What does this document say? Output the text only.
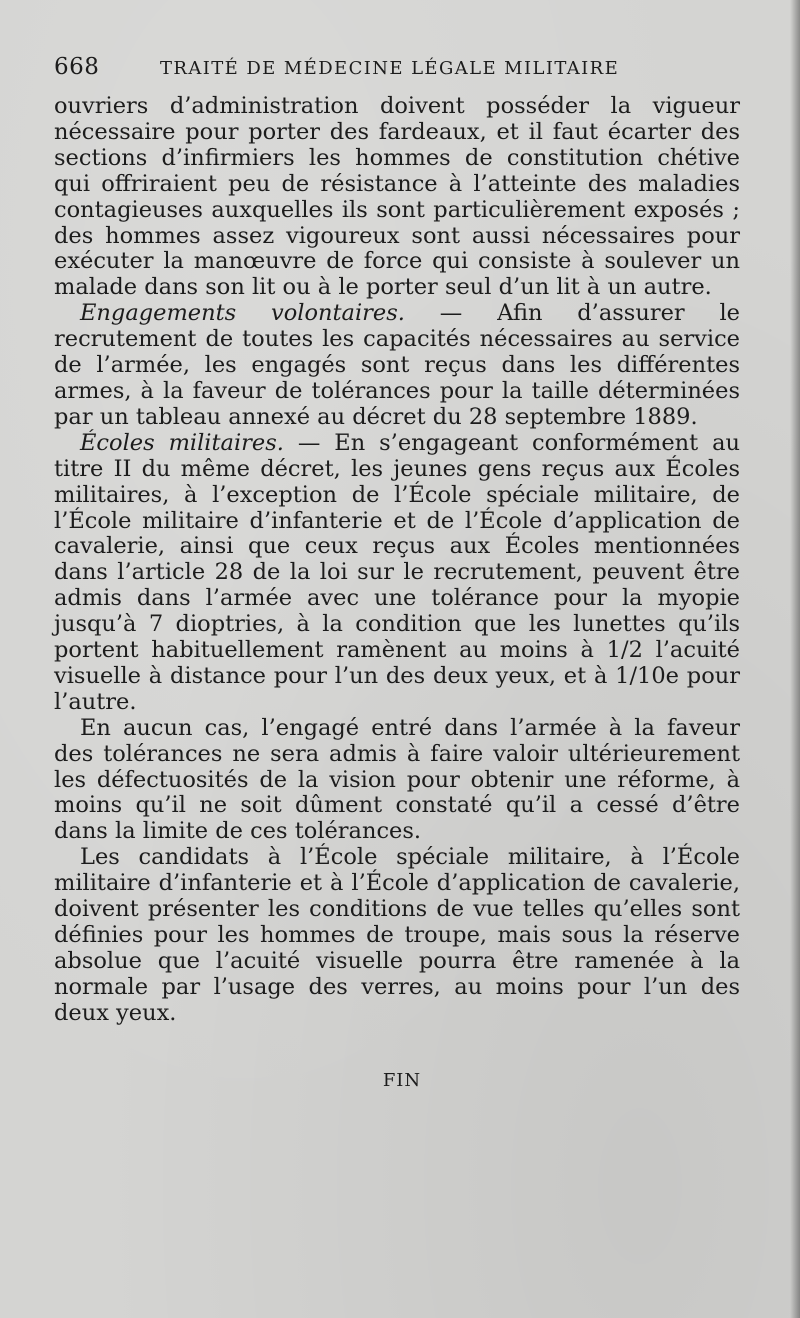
668	TRAITÉ DE MÉDECINE LÉGALE MILITAIRE

ouvriers d’administration doivent posséder la vigueur nécessaire pour porter des fardeaux, et il faut écarter des sections d’infirmiers les hommes de constitution chétive qui offriraient peu de résistance à l’atteinte des maladies contagieuses auxquelles ils sont particulièrement exposés ; des hommes assez vigoureux sont aussi nécessaires pour exécuter la manœuvre de force qui consiste à soulever un malade dans son lit ou à le porter seul d’un lit à un autre.

Engagements volontaires. — Afin d’assurer le recrutement de toutes les capacités nécessaires au service de l’armée, les engagés sont reçus dans les différentes armes, à la faveur de tolérances pour la taille déterminées par un tableau annexé au décret du 28 septembre 1889.

Écoles militaires. — En s’engageant conformément au titre II du même décret, les jeunes gens reçus aux Écoles militaires, à l’exception de l’École spéciale militaire, de l’École militaire d’infanterie et de l’École d’application de cavalerie, ainsi que ceux reçus aux Écoles mentionnées dans l’article 28 de la loi sur le recrutement, peuvent être admis dans l’armée avec une tolérance pour la myopie jusqu’à 7 dioptries, à la condition que les lunettes qu’ils portent habituellement ramènent au moins à 1/2 l’acuité visuelle à distance pour l’un des deux yeux, et à 1/10e pour l’autre.

En aucun cas, l’engagé entré dans l’armée à la faveur des tolérances ne sera admis à faire valoir ultérieurement les défectuosités de la vision pour obtenir une réforme, à moins qu’il ne soit dûment constaté qu’il a cessé d’être dans la limite de ces tolérances.

Les candidats à l’École spéciale militaire, à l’École militaire d’infanterie et à l’École d’application de cavalerie, doivent présenter les conditions de vue telles qu’elles sont définies pour les hommes de troupe, mais sous la réserve absolue que l’acuité visuelle pourra être ramenée à la normale par l’usage des verres, au moins pour l’un des deux yeux.

FIN
